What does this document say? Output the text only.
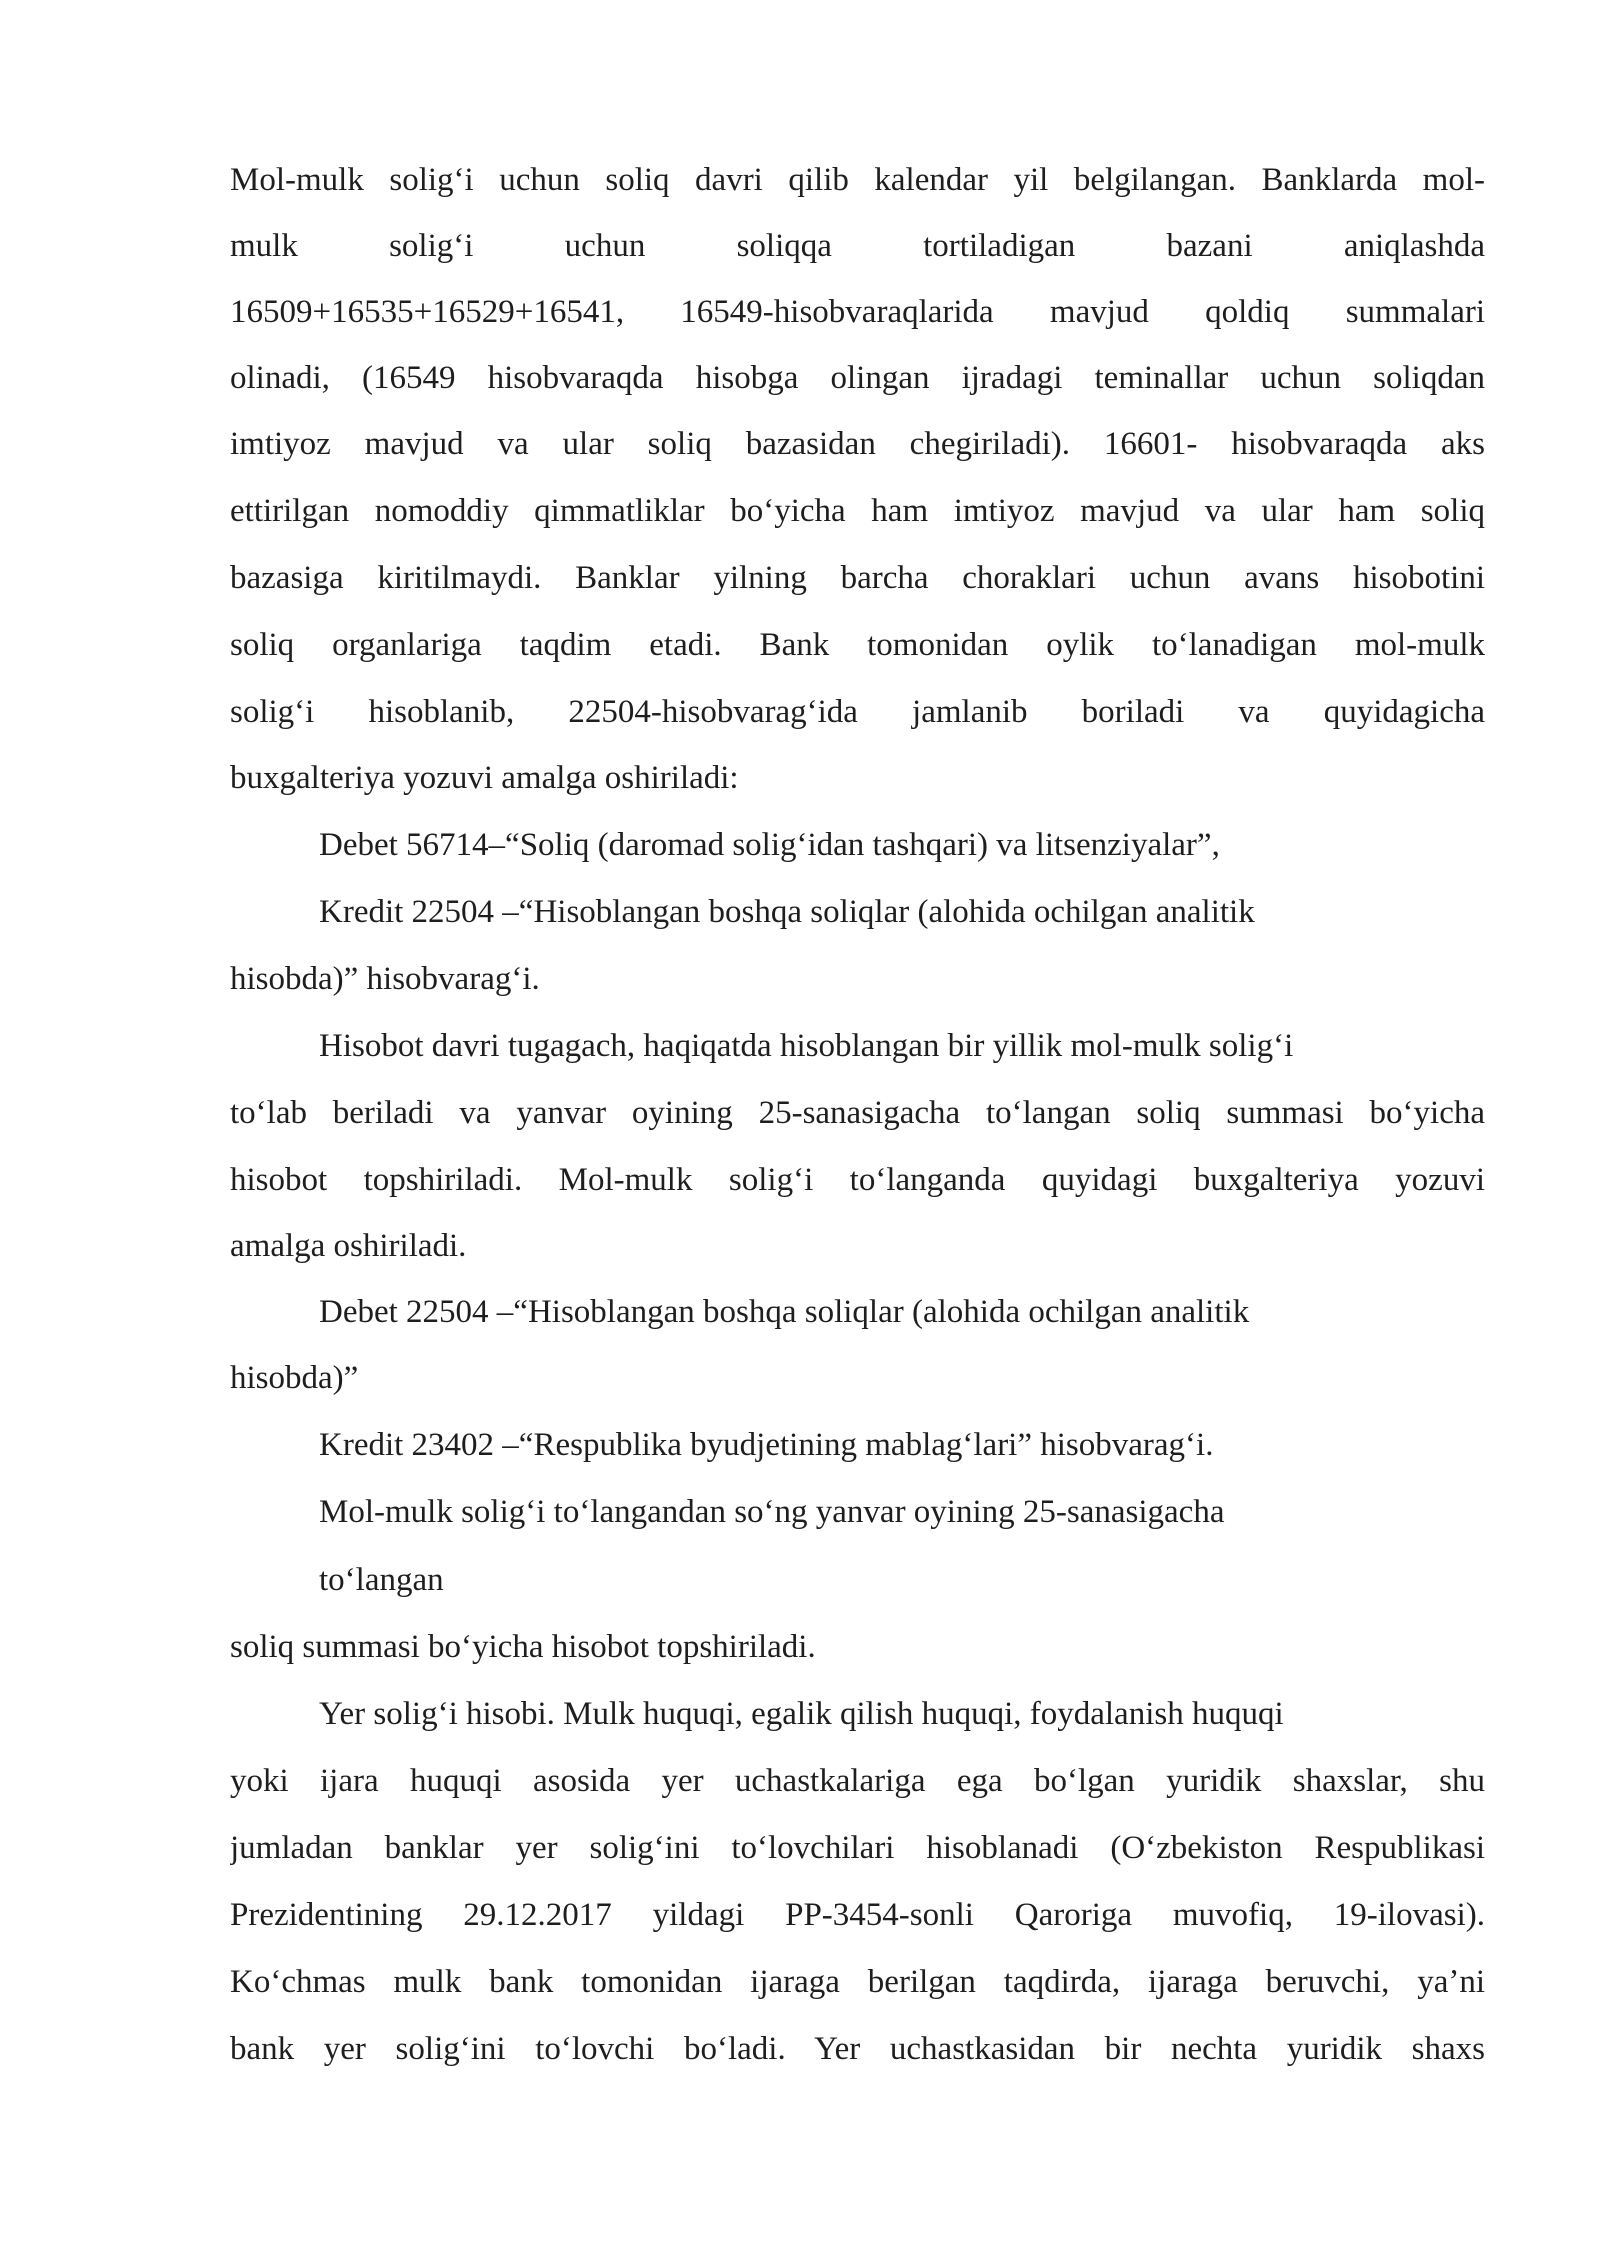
Mol-mulk soligʻi uchun soliq davri qilib kalendar yil belgilangan. Banklarda mol-
mulk soligʻi uchun soliqqa tortiladigan bazani aniqlashda
16509+16535+16529+16541, 16549-hisobvaraqlarida mavjud qoldiq summalari
olinadi, (16549 hisobvaraqda hisobga olingan ijradagi teminallar uchun soliqdan
imtiyoz mavjud va ular soliq bazasidan chegiriladi). 16601- hisobvaraqda aks
ettirilgan nomoddiy qimmatliklar boʻyicha ham imtiyoz mavjud va ular ham soliq
bazasiga kiritilmaydi. Banklar yilning barcha choraklari uchun avans hisobotini
soliq organlariga taqdim etadi. Bank tomonidan oylik toʻlanadigan mol-mulk
soligʻi hisoblanib, 22504-hisobvaragʻida jamlanib boriladi va quyidagicha
buxgalteriya yozuvi amalga oshiriladi:
Debet 56714–“Soliq (daromad soligʻidan tashqari) va litsenziyalar”,
Kredit 22504 –“Hisoblangan boshqa soliqlar (alohida ochilgan analitik
hisobda)” hisobvaragʻi.
Hisobot davri tugagach, haqiqatda hisoblangan bir yillik mol-mulk soligʻi
toʻlab beriladi va yanvar oyining 25-sanasigacha toʻlangan soliq summasi boʻyicha
hisobot topshiriladi. Mol-mulk soligʻi toʻlanganda quyidagi buxgalteriya yozuvi
amalga oshiriladi.
Debet 22504 –“Hisoblangan boshqa soliqlar (alohida ochilgan analitik
hisobda)”
Kredit 23402 –“Respublika byudjetining mablagʻlari” hisobvaragʻi.
Mol-mulk soligʻi toʻlangandan soʻng yanvar oyining 25-sanasigacha
toʻlangan
soliq summasi boʻyicha hisobot topshiriladi.
Yer soligʻi hisobi. Mulk huquqi, egalik qilish huquqi, foydalanish huquqi
yoki ijara huquqi asosida yer uchastkalariga ega boʻlgan yuridik shaxslar, shu
jumladan banklar yer soligʻini toʻlovchilari hisoblanadi (Oʻzbekiston Respublikasi
Prezidentining 29.12.2017 yildagi PP-3454-sonli Qaroriga muvofiq, 19-ilovasi).
Koʻchmas mulk bank tomonidan ijaraga berilgan taqdirda, ijaraga beruvchi, yaʼni
bank yer soligʻini toʻlovchi boʻladi. Yer uchastkasidan bir nechta yuridik shaxs
